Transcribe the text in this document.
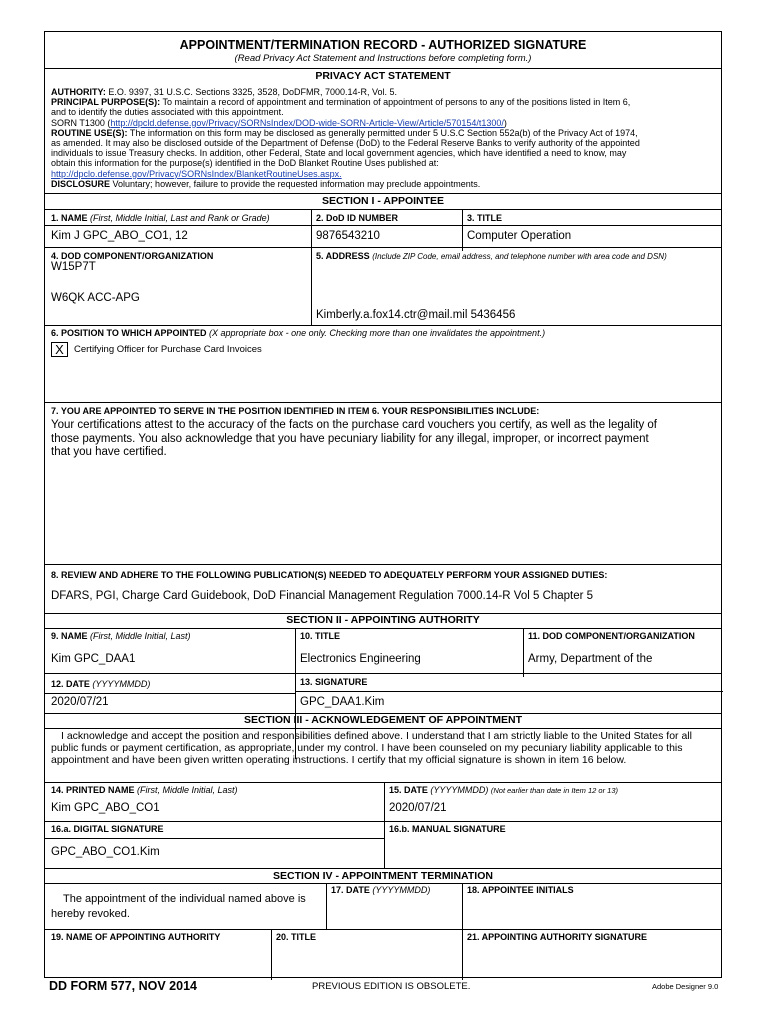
APPOINTMENT/TERMINATION RECORD - AUTHORIZED SIGNATURE
(Read Privacy Act Statement and Instructions before completing form.)
PRIVACY ACT STATEMENT
AUTHORITY: E.O. 9397, 31 U.S.C. Sections 3325, 3528, DoDFMR, 7000.14-R, Vol. 5.
PRINCIPAL PURPOSE(S): To maintain a record of appointment and termination of appointment of persons to any of the positions listed in Item 6,
and to identify the duties associated with this appointment.
SORN T1300 (http://dpcld.defense.gov/Privacy/SORNsIndex/DOD-wide-SORN-Article-View/Article/570154/t1300/)
ROUTINE USE(S): The information on this form may be disclosed as generally permitted under 5 U.S.C Section 552a(b) of the Privacy Act of 1974,
as amended. It may also be disclosed outside of the Department of Defense (DoD) to the Federal Reserve Banks to verify authority of the appointed
individuals to issue Treasury checks. In addition, other Federal, State and local government agencies, which have identified a need to know, may
obtain this information for the purpose(s) identified in the DoD Blanket Routine Uses published at:
http://dpclo.defense.gov/Privacy/SORNsIndex/BlanketRoutineUses.aspx.
DISCLOSURE Voluntary; however, failure to provide the requested information may preclude appointments.
SECTION I - APPOINTEE
1. NAME (First, Middle Initial, Last and Rank or Grade)	2. DoD ID NUMBER	3. TITLE
Kim J GPC_ABO_CO1, 12	9876543210	Computer Operation
4. DOD COMPONENT/ORGANIZATION
W15P7T
W6QK ACC-APG
5. ADDRESS (Include ZIP Code, email address, and telephone number with area code and DSN)
Kimberly.a.fox14.ctr@mail.mil 5436456
6. POSITION TO WHICH APPOINTED (X appropriate box - one only. Checking more than one invalidates the appointment.)
X	Certifying Officer for Purchase Card Invoices
7. YOU ARE APPOINTED TO SERVE IN THE POSITION IDENTIFIED IN ITEM 6. YOUR RESPONSIBILITIES INCLUDE:
Your certifications attest to the accuracy of the facts on the purchase card vouchers you certify, as well as the legality of those payments. You also acknowledge that you have pecuniary liability for any illegal, improper, or incorrect payment that you have certified.
8. REVIEW AND ADHERE TO THE FOLLOWING PUBLICATION(S) NEEDED TO ADEQUATELY PERFORM YOUR ASSIGNED DUTIES:
DFARS, PGI, Charge Card Guidebook, DoD Financial Management Regulation 7000.14-R Vol 5 Chapter 5
SECTION II - APPOINTING AUTHORITY
9. NAME (First, Middle Initial, Last)	10. TITLE	11. DOD COMPONENT/ORGANIZATION
Kim GPC_DAA1	Electronics Engineering	Army, Department of the
12. DATE (YYYYMMDD)	13. SIGNATURE
2020/07/21	GPC_DAA1.Kim
SECTION III - ACKNOWLEDGEMENT OF APPOINTMENT
I acknowledge and accept the position and responsibilities defined above. I understand that I am strictly liable to the United States for all public funds or payment certification, as appropriate, under my control. I have been counseled on my pecuniary liability applicable to this appointment and have been given written operating instructions. I certify that my official signature is shown in item 16 below.
14. PRINTED NAME (First, Middle Initial, Last)	15. DATE (YYYYMMDD) (Not earlier than date in Item 12 or 13)
Kim GPC_ABO_CO1	2020/07/21
16.a. DIGITAL SIGNATURE	16.b. MANUAL SIGNATURE
GPC_ABO_CO1.Kim
SECTION IV - APPOINTMENT TERMINATION
The appointment of the individual named above is hereby revoked.
17. DATE (YYYYMMDD)	18. APPOINTEE INITIALS
19. NAME OF APPOINTING AUTHORITY	20. TITLE	21. APPOINTING AUTHORITY SIGNATURE
DD FORM 577, NOV 2014	PREVIOUS EDITION IS OBSOLETE.	Adobe Designer 9.0
